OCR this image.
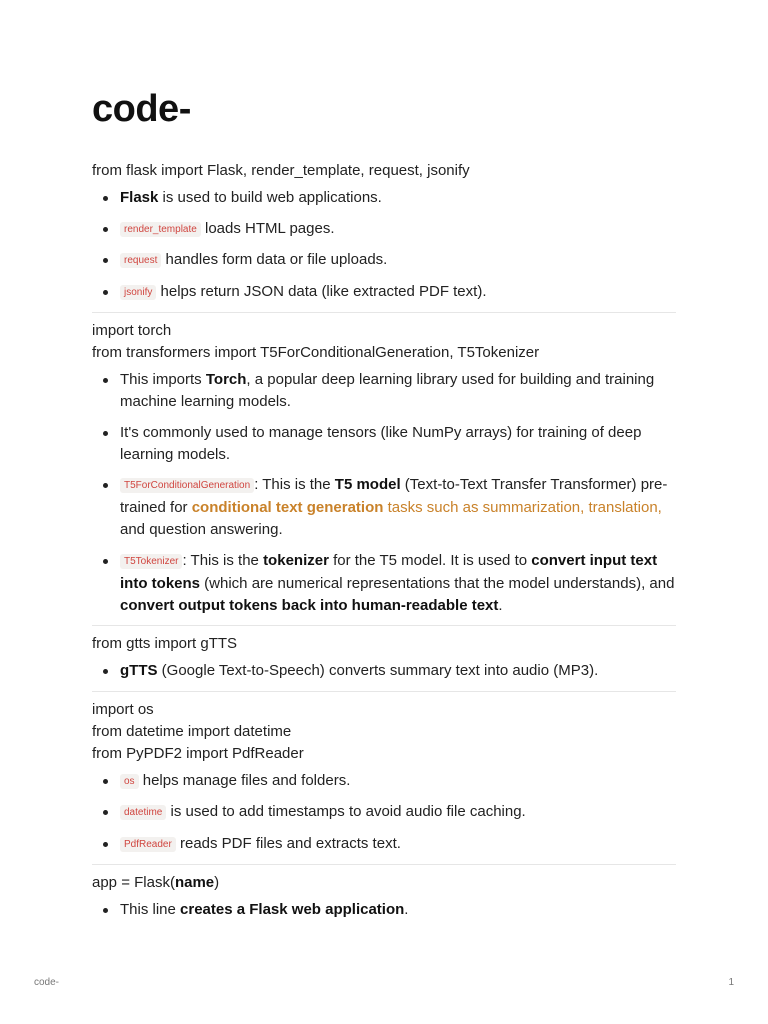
code-
from flask import Flask, render_template, request, jsonify
Flask is used to build web applications.
render_template loads HTML pages.
request handles form data or file uploads.
jsonify helps return JSON data (like extracted PDF text).
import torch
from transformers import T5ForConditionalGeneration, T5Tokenizer
This imports Torch, a popular deep learning library used for building and training machine learning models.
It's commonly used to manage tensors (like NumPy arrays) for training of deep learning models.
T5ForConditionalGeneration : This is the T5 model (Text-to-Text Transfer Transformer) pre-trained for conditional text generation tasks such as summarization, translation, and question answering.
T5Tokenizer : This is the tokenizer for the T5 model. It is used to convert input text into tokens (which are numerical representations that the model understands), and convert output tokens back into human-readable text.
from gtts import gTTS
gTTS (Google Text-to-Speech) converts summary text into audio (MP3).
import os
from datetime import datetime
from PyPDF2 import PdfReader
os helps manage files and folders.
datetime is used to add timestamps to avoid audio file caching.
PdfReader reads PDF files and extracts text.
app = Flask(name)
This line creates a Flask web application.
code-	1
